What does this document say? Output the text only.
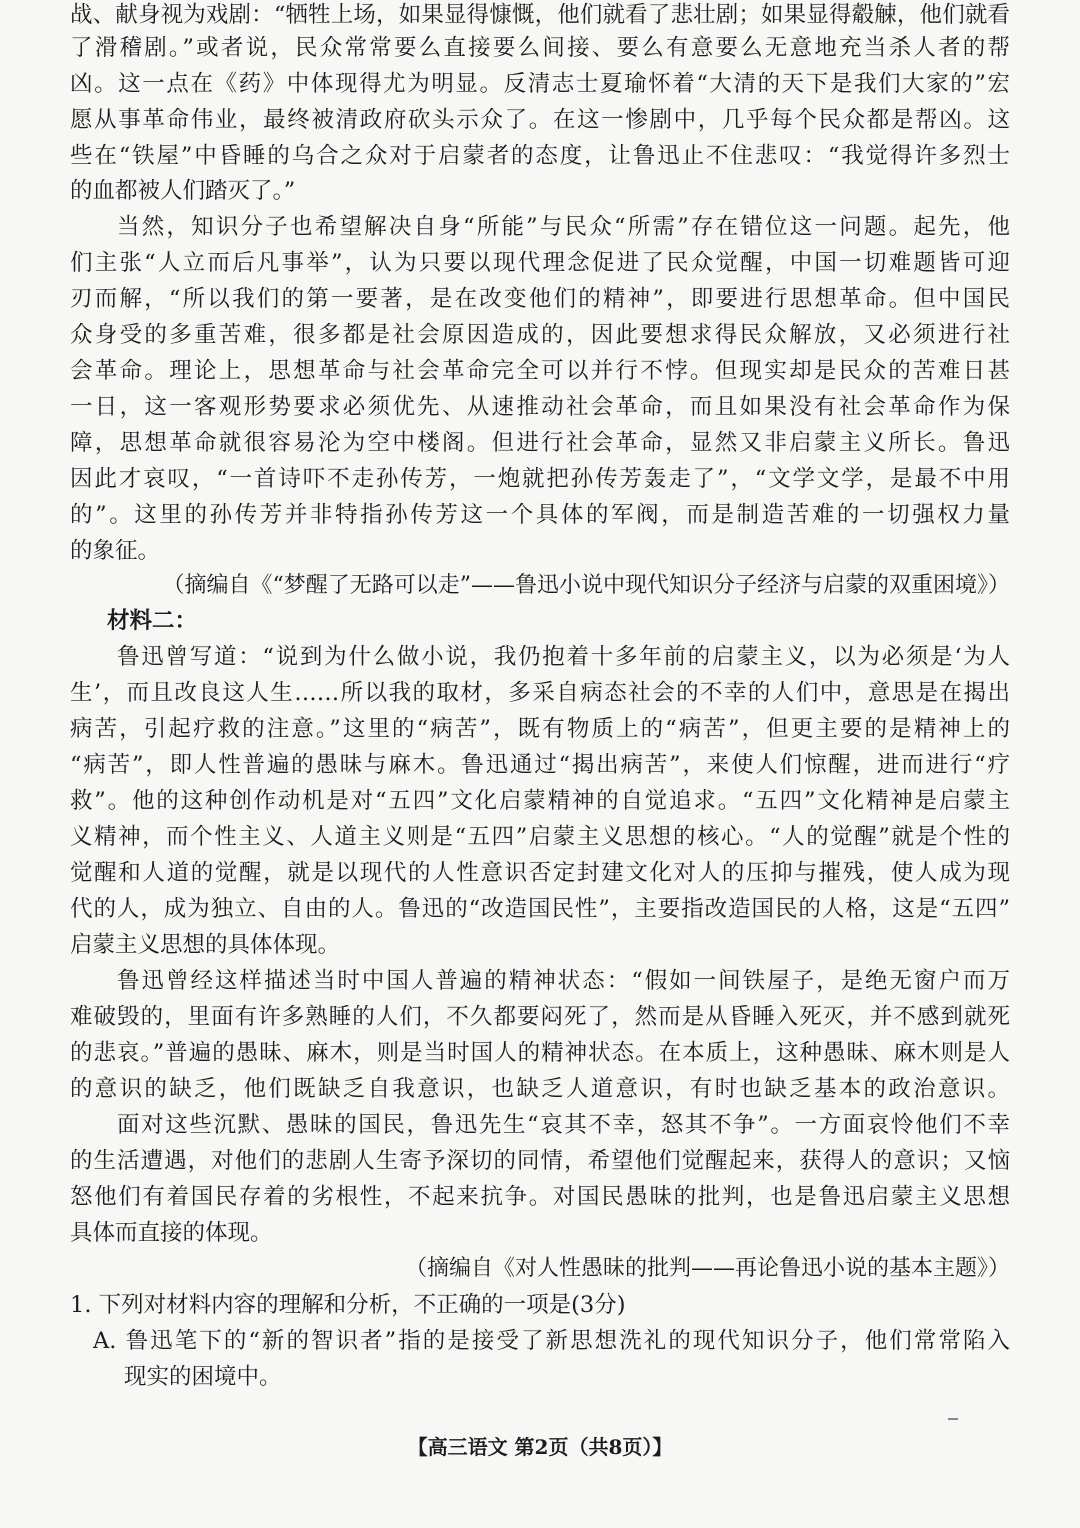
战、献身视为戏剧：“牺牲上场，如果显得慷慨，他们就看了悲壮剧；如果显得觳觫，他们就看
了滑稽剧。”或者说，民众常常要么直接要么间接、要么有意要么无意地充当杀人者的帮
凶。这一点在《药》中体现得尤为明显。反清志士夏瑜怀着“大清的天下是我们大家的”宏
愿从事革命伟业，最终被清政府砍头示众了。在这一惨剧中，几乎每个民众都是帮凶。这
些在“铁屋”中昏睡的乌合之众对于启蒙者的态度，让鲁迅止不住悲叹：“我觉得许多烈士
的血都被人们踏灭了。”
当然，知识分子也希望解决自身“所能”与民众“所需”存在错位这一问题。起先，他
们主张“人立而后凡事举”，认为只要以现代理念促进了民众觉醒，中国一切难题皆可迎
刃而解，“所以我们的第一要著，是在改变他们的精神”，即要进行思想革命。但中国民
众身受的多重苦难，很多都是社会原因造成的，因此要想求得民众解放，又必须进行社
会革命。理论上，思想革命与社会革命完全可以并行不悖。但现实却是民众的苦难日甚
一日，这一客观形势要求必须优先、从速推动社会革命，而且如果没有社会革命作为保
障，思想革命就很容易沦为空中楼阁。但进行社会革命，显然又非启蒙主义所长。鲁迅
因此才哀叹，“一首诗吓不走孙传芳，一炮就把孙传芳轰走了”，“文学文学，是最不中用
的”。这里的孙传芳并非特指孙传芳这一个具体的军阀，而是制造苦难的一切强权力量
的象征。
（摘编自《“梦醒了无路可以走”——鲁迅小说中现代知识分子经济与启蒙的双重困境》）
材料二：
鲁迅曾写道：“说到为什么做小说，我仍抱着十多年前的启蒙主义，以为必须是‘为人
生’，而且改良这人生……所以我的取材，多采自病态社会的不幸的人们中，意思是在揭出
病苦，引起疗救的注意。”这里的“病苦”，既有物质上的“病苦”，但更主要的是精神上的
“病苦”，即人性普遍的愚昧与麻木。鲁迅通过“揭出病苦”，来使人们惊醒，进而进行“疗
救”。他的这种创作动机是对“五四”文化启蒙精神的自觉追求。“五四”文化精神是启蒙主
义精神，而个性主义、人道主义则是“五四”启蒙主义思想的核心。“人的觉醒”就是个性的
觉醒和人道的觉醒，就是以现代的人性意识否定封建文化对人的压抑与摧残，使人成为现
代的人，成为独立、自由的人。鲁迅的“改造国民性”，主要指改造国民的人格，这是“五四”
启蒙主义思想的具体体现。
鲁迅曾经这样描述当时中国人普遍的精神状态：“假如一间铁屋子，是绝无窗户而万
难破毁的，里面有许多熟睡的人们，不久都要闷死了，然而是从昏睡入死灭，并不感到就死
的悲哀。”普遍的愚昧、麻木，则是当时国人的精神状态。在本质上，这种愚昧、麻木则是人
的意识的缺乏，他们既缺乏自我意识，也缺乏人道意识，有时也缺乏基本的政治意识。
面对这些沉默、愚昧的国民，鲁迅先生“哀其不幸，怒其不争”。一方面哀怜他们不幸
的生活遭遇，对他们的悲剧人生寄予深切的同情，希望他们觉醒起来，获得人的意识；又恼
怒他们有着国民存着的劣根性，不起来抗争。对国民愚昧的批判，也是鲁迅启蒙主义思想
具体而直接的体现。
（摘编自《对人性愚昧的批判——再论鲁迅小说的基本主题》）
1. 下列对材料内容的理解和分析，不正确的一项是(3分)
A. 鲁迅笔下的“新的智识者”指的是接受了新思想洗礼的现代知识分子，他们常常陷入
现实的困境中。
【高三语文 第2页（共8页）】
